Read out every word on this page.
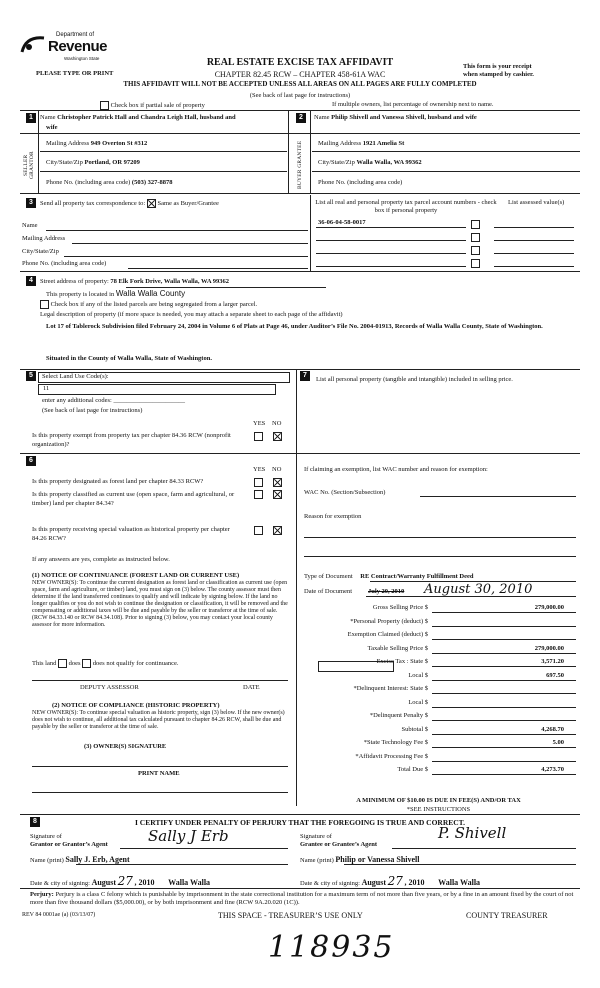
Department of
Revenue
Washington State
PLEASE TYPE OR PRINT
REAL ESTATE EXCISE TAX AFFIDAVIT
CHAPTER 82.45 RCW – CHAPTER 458-61A WAC
THIS AFFIDAVIT WILL NOT BE ACCEPTED UNLESS ALL AREAS ON ALL PAGES ARE FULLY COMPLETED
This form is your receipt
when stamped by cashier.
(See back of last page for instructions)
Check box if partial sale of property	If multiple owners, list percentage of ownership next to name.
1	Name Christopher Patrick Hall and Chandra Leigh Hall, husband and
wife
SELLER GRANTOR
Mailing Address 949 Overton St #312
City/State/Zip Portland, OR 97209
Phone No. (including area code) (503) 327-8878
2	Name Philip Shivell and Vanessa Shivell, husband and wife
BUYER GRANTEE Mailing Address 1921 Amelia St
City/State/Zip Walla Walla, WA 99362
Phone No. (including area code)
3	Send all property tax correspondence to: Same as Buyer/Grantee
Name
Mailing Address
City/State/Zip
Phone No. (including area code)
List all real and personal property tax parcel account numbers - check box if personal property
List assessed value(s)
36-06-04-58-0017
4	Street address of property: 78 Elk Fork Drive, Walla Walla, WA 99362
This property is located in Walla Walla County
Check box if any of the listed parcels are being segregated from a larger parcel.
Legal description of property (if more space is needed, you may attach a separate sheet to each page of the affidavit)
Lot 17 of Tablerock Subdivision filed February 24, 2004 in Volume 6 of Plats at Page 46, under Auditor’s File No. 2004-01913, Records of Walla Walla County, State of Washington.
Situated in the County of Walla Walla, State of Washington.
5	Select Land Use Code(s):
11
enter any additional codes: ______________________
(See back of last page for instructions)
YES NO
Is this property exempt from property tax per chapter 84.36 RCW (nonprofit organization)?
6
YES NO
Is this property designated as forest land per chapter 84.33 RCW?
Is this property classified as current use (open space, farm and agricultural, or timber) land per chapter 84.34?
Is this property receiving special valuation as historical property per chapter 84.26 RCW?
If any answers are yes, complete as instructed below.
(1) NOTICE OF CONTINUANCE (FOREST LAND OR CURRENT USE)
NEW OWNER(S): To continue the current designation as forest land or classification as current use (open space, farm and agriculture, or timber) land, you must sign on (3) below. The county assessor must then determine if the land transferred continues to qualify and will indicate by signing below. If the land no longer qualifies or you do not wish to continue the designation or classification, it will be removed and the compensating or additional taxes will be due and payable by the seller or transferor at the time of sale. (RCW 84.33.140 or RCW 84.34.108). Prior to signing (3) below, you may contact your local county assessor for more information.
This land does does not qualify for continuance.
DEPUTY ASSESSOR	DATE
(2) NOTICE OF COMPLIANCE (HISTORIC PROPERTY)
NEW OWNER(S): To continue special valuation as historic property, sign (3) below. If the new owner(s) does not wish to continue, all additional tax calculated pursuant to chapter 84.26 RCW, shall be due and payable by the seller or transferor at the time of sale.
(3) OWNER(S) SIGNATURE
PRINT NAME
7
List all personal property (tangible and intangible) included in selling price.
If claiming an exemption, list WAC number and reason for exemption:
WAC No. (Section/Subsection)
Reason for exemption
Type of Document RE Contract/Warranty Fulfillment Deed
Date of Document July 20, 2010 August 30, 2010
Gross Selling Price $	279,000.00
*Personal Property (deduct) $
Exemption Claimed (deduct) $
Taxable Selling Price $	279,000.00
Excise Tax : State $	3,571.20
Local $	697.50
*Delinquent Interest: State $
Local $
*Delinquent Penalty $
Subtotal $	4,268.70
*State Technology Fee $	5.00
*Affidavit Processing Fee $
Total Due $	4,273.70
A MINIMUM OF $10.00 IS DUE IN FEE(S) AND/OR TAX
*SEE INSTRUCTIONS
8	I CERTIFY UNDER PENALTY OF PERJURY THAT THE FOREGOING IS TRUE AND CORRECT.
Signature of
Grantor or Grantor’s Agent	Sally J Erb
Name (print) Sally J. Erb, Agent
Date & city of signing: August 27 , 2010 Walla Walla
Signature of
Grantee or Grantee’s Agent
P. Shivell
Name (print) Philip or Vanessa Shivell
Date & city of signing: August 27 , 2010 Walla Walla
Perjury: Perjury is a class C felony which is punishable by imprisonment in the state correctional institution for a maximum term of not more than five years, or by a fine in an amount fixed by the court of not more than five thousand dollars ($5,000.00), or by both imprisonment and fine (RCW 9A.20.020 (1C)).
REV 84 0001ae (a) (03/13/07)	THIS SPACE - TREASURER’S USE ONLY	COUNTY TREASURER
118935
